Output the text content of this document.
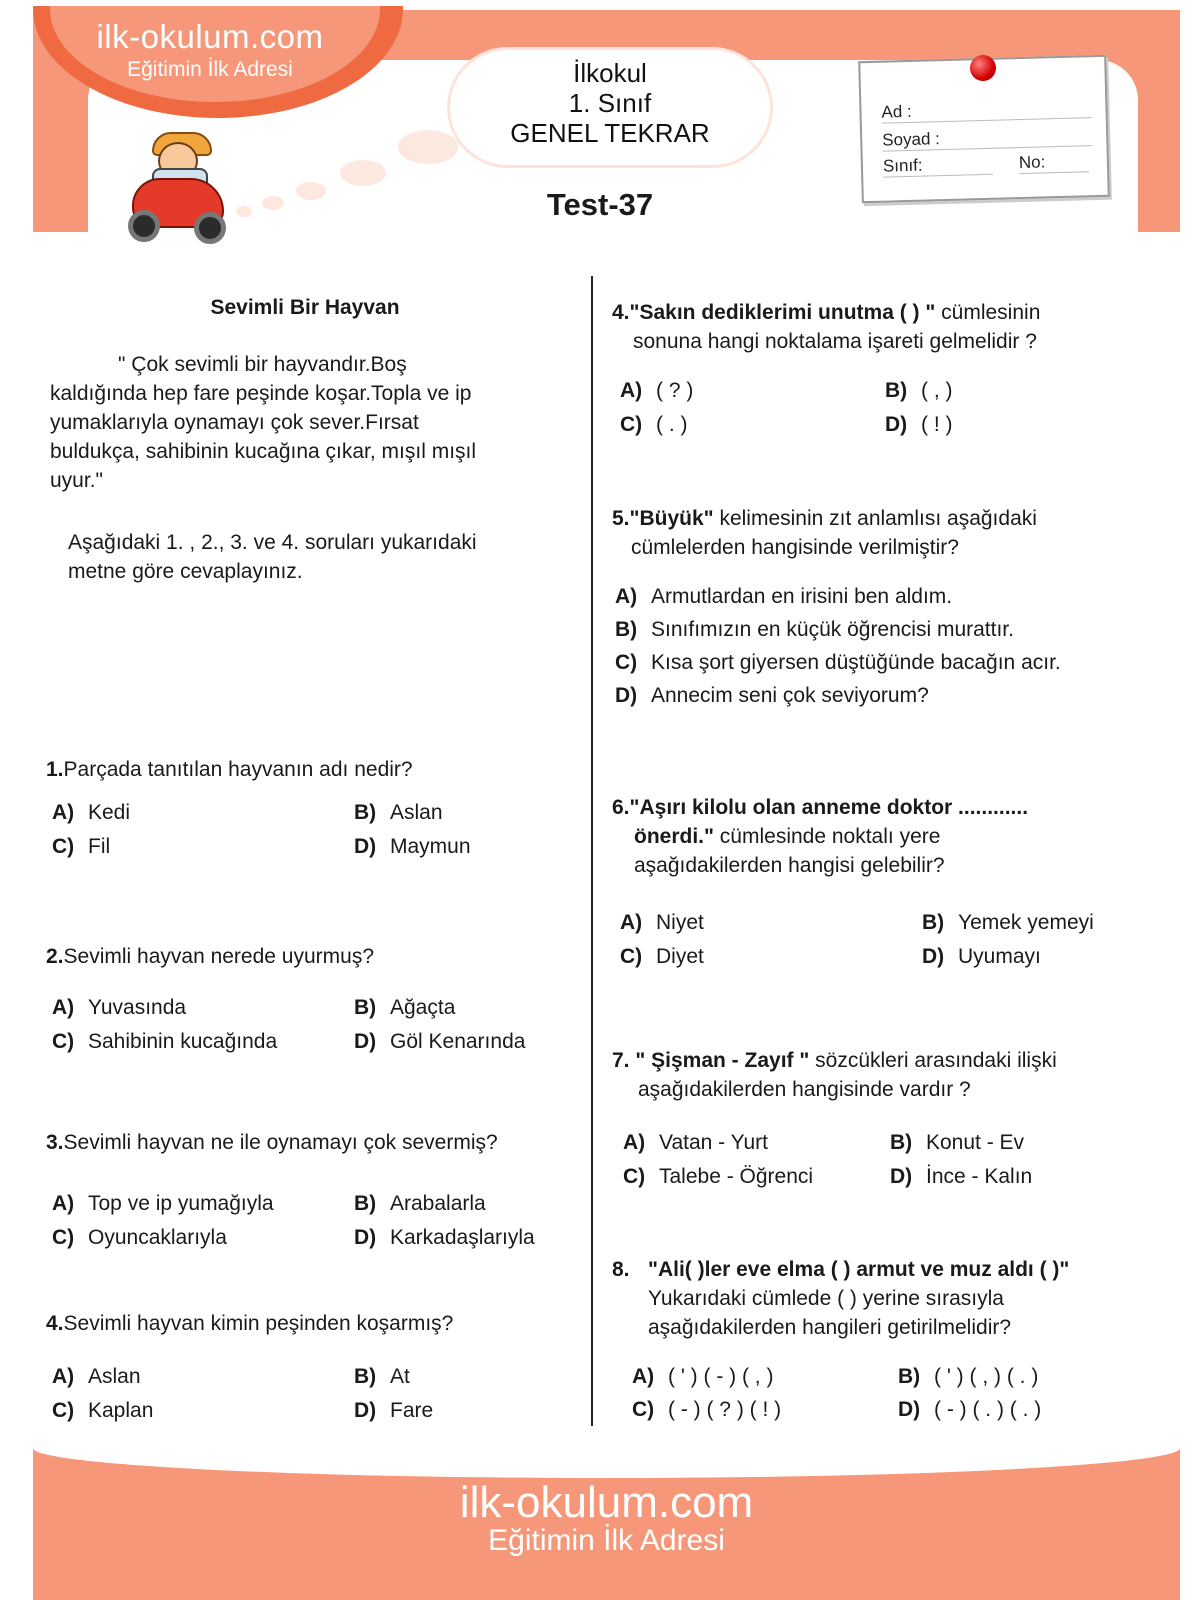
ilk-okulum.com
Eğitimin İlk Adresi	İlkokul
1. Sınıf
GENEL TEKRAR
Test-37
Ad :
Soyad :
Sınıf:	No:
Sevimli Bir Hayvan
" Çok sevimli bir hayvandır.Boş
kaldığında hep fare peşinde koşar.Topla ve ip
yumaklarıyla oynamayı çok sever.Fırsat
buldukça, sahibinin kucağına çıkar, mışıl mışıl
uyur."
Aşağıdaki 1. , 2., 3. ve 4. soruları yukarıdaki
metne göre cevaplayınız.
1.Parçada tanıtılan hayvanın adı nedir?
A) Kedi	B) Aslan
C) Fil	D) Maymun
2.Sevimli hayvan nerede uyurmuş?
A) Yuvasında	B) Ağaçta
C) Sahibinin kucağında	D) Göl Kenarında
3.Sevimli hayvan ne ile oynamayı çok severmiş?
A) Top ve ip yumağıyla	B) Arabalarla
C) Oyuncaklarıyla	D) Karkadaşlarıyla
4.Sevimli hayvan kimin peşinden koşarmış?
A) Aslan	B) At
C) Kaplan	D) Fare
4."Sakın dediklerimi unutma ( ) " cümlesinin
sonuna hangi noktalama işareti gelmelidir ?
A) ( ? )	B) ( , )
C) ( . )	D) ( ! )
5."Büyük" kelimesinin zıt anlamlısı aşağıdaki
cümlelerden hangisinde verilmiştir?
A) Armutlardan en irisini ben aldım.
B) Sınıfımızın en küçük öğrencisi murattır.
C) Kısa şort giyersen düştüğünde bacağın acır.
D) Annecim seni çok seviyorum?
6."Aşırı kilolu olan anneme doktor ............
önerdi." cümlesinde noktalı yere
aşağıdakilerden hangisi gelebilir?
A) Niyet	B) Yemek yemeyi
C) Diyet	D) Uyumayı
7. " Şişman - Zayıf " sözcükleri arasındaki ilişki
aşağıdakilerden hangisinde vardır ?
A) Vatan - Yurt	B) Konut - Ev
C) Talebe - Öğrenci	D) İnce - Kalın
8. "Ali( )ler eve elma ( ) armut ve muz aldı ( )"
Yukarıdaki cümlede ( ) yerine sırasıyla
aşağıdakilerden hangileri getirilmelidir?
A) ( ' ) ( - ) ( , )	B) ( ' ) ( , ) ( . )
C) ( - ) ( ? ) ( ! )	D) ( - ) ( . ) ( . )
ilk-okulum.com
Eğitimin İlk Adresi
